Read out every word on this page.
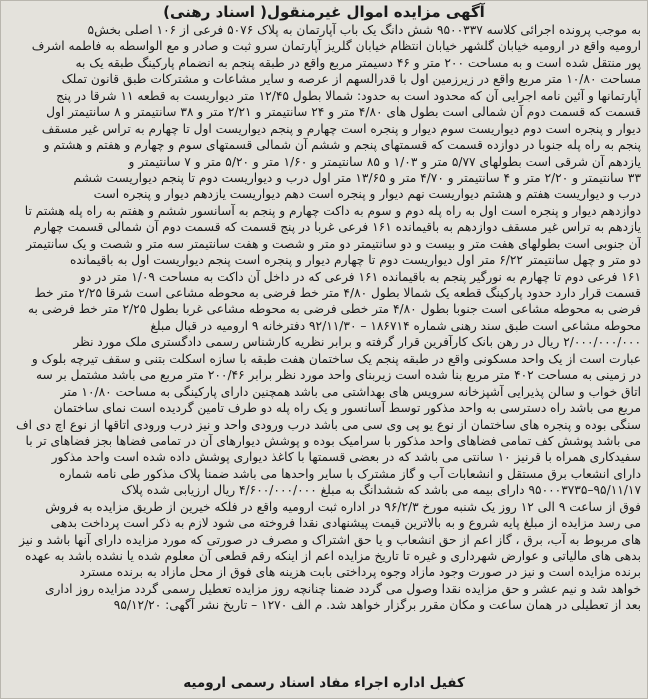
آگهی مزایده اموال غیرمنقول( اسناد رهنی)
به موجب پرونده اجرائی کلاسه ۹۵۰۰۳۳۷ شش دانگ یک باب آپارتمان به پلاک ۵۰۷۶ فرعی از ۱۰۶ اصلی بخش۵
ارومیه واقع در ارومیه خیابان گلشهر خیابان انتظام خیابان گلریز آپارتمان سرو ثبت و صادر و مع الواسطه به فاطمه اشرف
پور منتقل شده است و به مساحت ۲۰۰ متر و ۴۶ دسیمتر مربع واقع در طبقه پنجم به انضمام پارکینگ طبقه یک به
مساحت ۱۰/۸۰ متر مربع واقع در زیرزمین اول با قدرالسهم از عرصه و سایر مشاعات و مشترکات طبق قانون تملک
آپارتمانها و آئین نامه اجرایی آن که محدود است به حدود: شمالا بطول ۱۲/۴۵ متر دیواریست به قطعه ۱۱ شرقا در پنج
قسمت که قسمت دوم آن شمالی است بطول های ۴/۸۰ متر و ۲۴ سانتیمتر و ۲/۲۱ متر و ۳۸ سانتیمتر و ۸ سانتیمتر اول
دیوار و پنجره است دوم دیواریست سوم دیوار و پنجره است چهارم و پنجم دیواریست اول تا چهارم به تراس غیر مسقف
پنجم به راه پله جنوبا در دوازده قسمت که قسمتهای پنجم و ششم آن شمالی قسمتهای سوم و چهارم و هفتم و هشتم و
یازدهم آن شرقی است بطولهای ۵/۷۷ متر و ۱/۰۳ و ۸۵ سانتیمتر و ۱/۶۰ متر و ۵/۲۰ متر و ۷ سانتیمتر و
۳۳ سانتیمتر و ۲/۲۰ متر و ۴ سانتیمتر و ۴/۷۰ متر و ۱۳/۶۵ متر اول درب و دیواریست دوم تا پنجم دیواریست ششم
درب و دیواریست هفتم و هشتم دیواریست نهم دیوار و پنجره است دهم دیواریست یازدهم دیوار و پنجره است
دوازدهم دیوار و پنجره است اول به راه پله دوم و سوم به داکت چهارم و پنجم به آسانسور ششم و هفتم به راه پله هشتم تا
یازدهم به تراس غیر مسقف دوازدهم به باقیمانده ۱۶۱ فرعی غربا در پنج قسمت که قسمت دوم آن شمالی قسمت چهارم
آن جنوبی است بطولهای هفت متر و بیست و دو سانتیمتر دو متر و شصت و هفت سانتیمتر سه متر و شصت و یک سانتیمتر
دو متر و چهل سانتیمتر ۶/۲۲ متر اول دیواریست دوم تا چهارم دیوار و پنجره است پنجم دیواریست اول به باقیمانده
۱۶۱ فرعی دوم تا چهارم به نورگیر پنجم به باقیمانده ۱۶۱ فرعی که در داخل آن داکت به مساحت ۱/۰۹ متر در دو
قسمت قرار دارد حدود پارکینگ قطعه یک شمالا بطول ۴/۸۰ متر خط فرضی به محوطه مشاعی است شرقا ۲/۲۵ متر خط
فرضی به محوطه مشاعی است جنوبا بطول ۴/۸۰ متر خطی فرضی به محوطه مشاعی غربا بطول ۲/۲۵ متر خط فرضی به
محوطه مشاعی است طبق سند رهنی شماره ۱۸۶۷۱۴ – ۹۲/۱۱/۳۰ دفترخانه ۹ ارومیه در قبال مبلغ
۲/۰۰۰/۰۰۰/۰۰۰ ریال در رهن بانک کارآفرین قرار گرفته و برابر نظریه کارشناس رسمی دادگستری ملک مورد نظر
عبارت است از یک واحد مسکونی واقع در طبقه پنجم یک ساختمان هفت طبقه با سازه اسکلت بتنی و سقف تیرچه بلوک و
در زمینی به مساحت ۴۰۲ متر مربع بنا شده است زیربنای واحد مورد نظر برابر ۲۰۰/۴۶ متر مربع می باشد مشتمل بر سه
اتاق خواب و سالن پذیرایی آشپزخانه سرویس های بهداشتی می باشد همچنین دارای پارکینگی به مساحت ۱۰/۸۰ متر
مربع می باشد راه دسترسی به واحد مذکور توسط آسانسور و یک راه پله دو طرف تامین گردیده است نمای ساختمان
سنگی بوده و پنجره های ساختمان از نوع یو پی وی سی می باشد درب ورودی واحد و نیز درب ورودی اتاقها از نوع اچ دی اف
می باشد پوشش کف تمامی فضاهای واحد مذکور با سرامیک بوده و پوشش دیوارهای آن در تمامی فضاها بجز فضاهای تر با
سفیدکاری همراه با قرنیز ۱۰ سانتی می باشد که در بعضی قسمتها با کاغذ دیواری پوشش داده شده است واحد مذکور
دارای انشعاب برق مستقل و انشعابات آب و گاز مشترک با سایر واحدها می باشد ضمنا پلاک مذکور طی نامه شماره
۹۵/۱۱/۱۷–۹۵۰۰۰۳۷۳۵ دارای بیمه می باشد که ششدانگ به مبلغ ۴/۶۰۰/۰۰۰/۰۰۰ ریال ارزیابی شده پلاک
فوق از ساعت ۹ الی ۱۲ روز یک شنبه مورخ ۹۶/۲/۳ در اداره ثبت ارومیه واقع در فلکه خیرین از طریق مزایده به فروش
می رسد مزایده از مبلغ پایه شروع و به بالاترین قیمت پیشنهادی نقدا فروخته می شود لازم به ذکر است پرداخت بدهی
های مربوط به آب، برق ، گاز اعم از حق انشعاب و یا حق اشتراک و مصرف در صورتی که مورد مزایده دارای آنها باشد و نیز
بدهی های مالیاتی و عوارض شهرداری و غیره تا تاریخ مزایده اعم از اینکه رقم قطعی آن معلوم شده یا نشده باشد به عهده
برنده مزایده است و نیز در صورت وجود مازاد وجوه پرداختی بابت هزینه های فوق از محل مازاد به برنده مسترد
خواهد شد و نیم عشر و حق مزایده نقدا وصول می گردد ضمنا چنانچه روز مزایده تعطیل رسمی گردد مزایده روز اداری
بعد از تعطیلی در همان ساعت و مکان مقرر برگزار خواهد شد. م الف ۱۲۷۰ – تاریخ نشر آگهی: ۹۵/۱۲/۲۰
کفیل اداره اجراء مفاد اسناد رسمی ارومیه
